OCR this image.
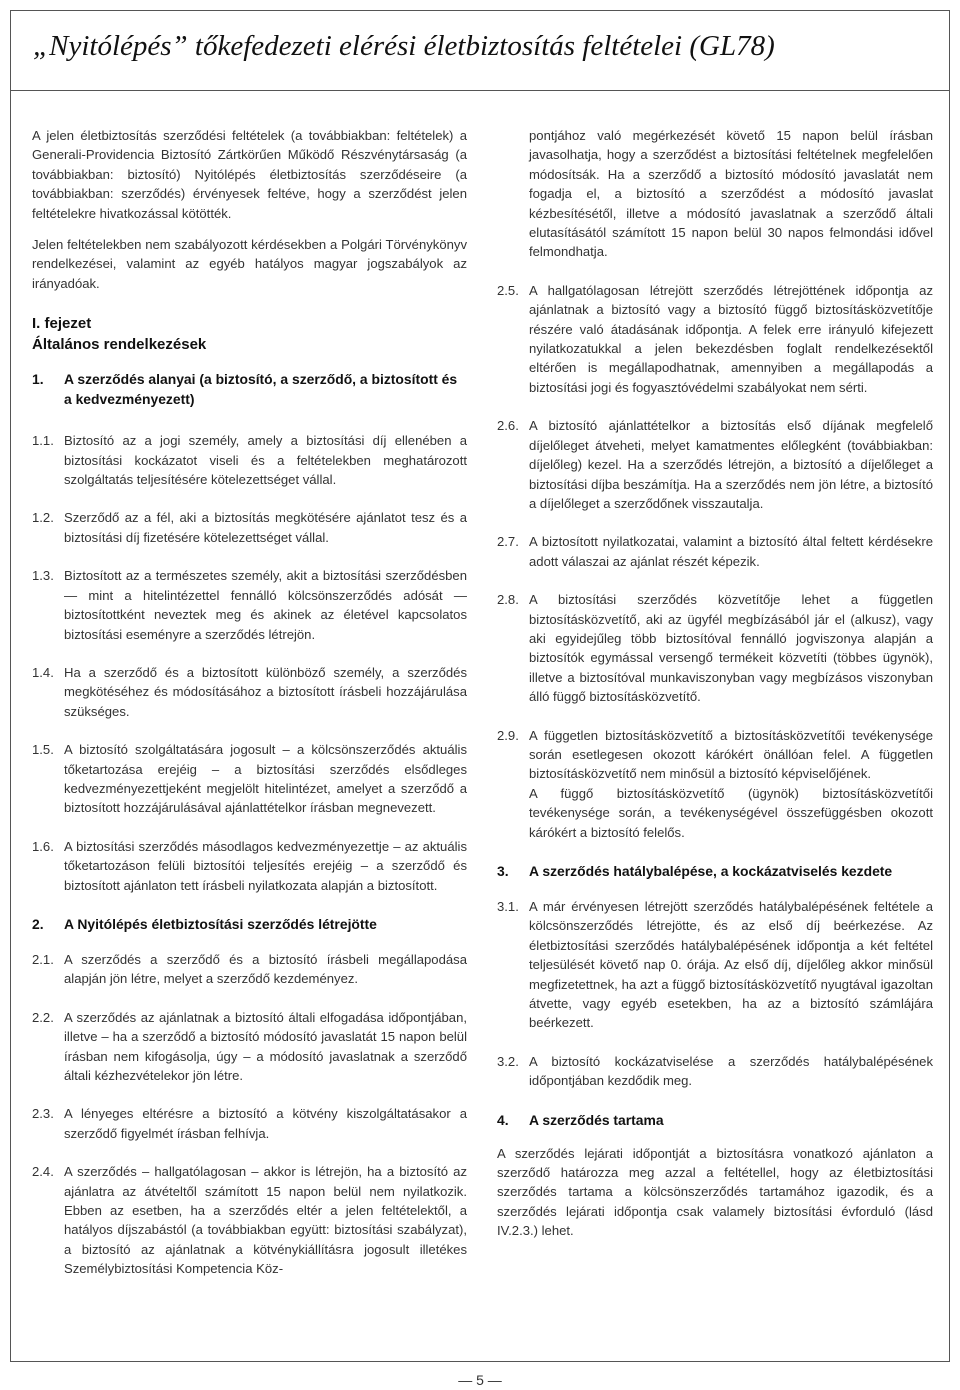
„Nyitólépés” tőkefedezeti elérési életbiztosítás feltételei (GL78)

A jelen életbiztosítás szerződési feltételek (a továbbiakban: feltételek) a Generali-Providencia Biztosító Zártkörűen Működő Részvénytársaság (a továbbiakban: biztosító) Nyitólépés életbiztosítás szerződéseire (a továbbiakban: szerződés) érvényesek feltéve, hogy a szerződést jelen feltételekre hivatkozással kötötték.

Jelen feltételekben nem szabályozott kérdésekben a Polgári Törvénykönyv rendelkezései, valamint az egyéb hatályos magyar jogszabályok az irányadóak.

I. fejezet
Általános rendelkezések
1.	A szerződés alanyai (a biztosító, a szerződő, a biztosított és a kedvezményezett)
1.1. Biztosító az a jogi személy, amely a biztosítási díj ellenében a biztosítási kockázatot viseli és a feltételekben meghatározott szolgáltatás teljesítésére kötelezettséget vállal.
1.2. Szerződő az a fél, aki a biztosítás megkötésére ajánlatot tesz és a biztosítási díj fizetésére kötelezettséget vállal.
1.3. Biztosított az a természetes személy, akit a biztosítási szerződésben — mint a hitelintézettel fennálló kölcsönszerződés adósát — biztosítottként neveztek meg és akinek az életével kapcsolatos biztosítási eseményre a szerződés létrejön.
1.4. Ha a szerződő és a biztosított különböző személy, a szerződés megkötéséhez és módosításához a biztosított írásbeli hozzájárulása szükséges.
1.5. A biztosító szolgáltatására jogosult – a kölcsönszerződés aktuális tőketartozása erejéig – a biztosítási szerződés elsődleges kedvezményezettjeként megjelölt hitelintézet, amelyet a szerződő a biztosított hozzájárulásával ajánlattételkor írásban megnevezett.
1.6. A biztosítási szerződés másodlagos kedvezményezettje – az aktuális tőketartozáson felüli biztosítói teljesítés erejéig – a szerződő és biztosított ajánlaton tett írásbeli nyilatkozata alapján a biztosított.
2.	A Nyitólépés életbiztosítási szerződés létrejötte
2.1. A szerződés a szerződő és a biztosító írásbeli megállapodása alapján jön létre, melyet a szerződő kezdeményez.
2.2. A szerződés az ajánlatnak a biztosító általi elfogadása időpontjában, illetve – ha a szerződő a biztosító módosító javaslatát 15 napon belül írásban nem kifogásolja, úgy – a módosító javaslatnak a szerződő általi kézhezvételekor jön létre.
2.3. A lényeges eltérésre a biztosító a kötvény kiszolgáltatásakor a szerződő figyelmét írásban felhívja.
2.4. A szerződés – hallgatólagosan – akkor is létrejön, ha a biztosító az ajánlatra az átvételtől számított 15 napon belül nem nyilatkozik. Ebben az esetben, ha a szerződés eltér a jelen feltételektől, a hatályos díjszabástól (a továbbiakban együtt: biztosítási szabályzat), a biztosító az ajánlatnak a kötvénykiállításra jogosult illetékes Személybiztosítási Kompetencia Köz-
pontjához való megérkezését követő 15 napon belül írásban javasolhatja, hogy a szerződést a biztosítási feltételnek megfelelően módosítsák. Ha a szerződő a biztosító módosító javaslatát nem fogadja el, a biztosító a szerződést a módosító javaslat kézbesítésétől, illetve a módosító javaslatnak a szerződő általi elutasításától számított 15 napon belül 30 napos felmondási idővel felmondhatja.
2.5. A hallgatólagosan létrejött szerződés létrejöttének időpontja az ajánlatnak a biztosító vagy a biztosító függő biztosításközvetítője részére való átadásának időpontja. A felek erre irányuló kifejezett nyilatkozatukkal a jelen bekezdésben foglalt rendelkezésektől eltérően is megállapodhatnak, amennyiben a megállapodás a biztosítási jogi és fogyasztóvédelmi szabályokat nem sérti.
2.6. A biztosító ajánlattételkor a biztosítás első díjának megfelelő díjelőleget átveheti, melyet kamatmentes előlegként (továbbiakban: díjelőleg) kezel. Ha a szerződés létrejön, a biztosító a díjelőleget a biztosítási díjba beszámítja. Ha a szerződés nem jön létre, a biztosító a díjelőleget a szerződőnek visszautalja.
2.7. A biztosított nyilatkozatai, valamint a biztosító által feltett kérdésekre adott válaszai az ajánlat részét képezik.
2.8. A biztosítási szerződés közvetítője lehet a független biztosításközvetítő, aki az ügyfél megbízásából jár el (alkusz), vagy aki egyidejűleg több biztosítóval fennálló jogviszonya alapján a biztosítók egymással versengő termékeit közvetíti (többes ügynök), illetve a biztosítóval munkaviszonyban vagy megbízásos viszonyban álló függő biztosításközvetítő.
2.9. A független biztosításközvetítő a biztosításközvetítői tevékenysége során esetlegesen okozott kárókért önállóan felel. A független biztosításközvetítő nem minősül a biztosító képviselőjének.
A függő biztosításközvetítő (ügynök) biztosításközvetítői tevékenysége során, a tevékenységével összefüggésben okozott kárókért a biztosító felelős.
3.	A szerződés hatálybalépése, a kockázatviselés kezdete
3.1. A már érvényesen létrejött szerződés hatálybalépésének feltétele a kölcsönszerződés létrejötte, és az első díj beérkezése. Az életbiztosítási szerződés hatálybalépésének időpontja a két feltétel teljesülését követő nap 0. órája. Az első díj, díjelőleg akkor minősül megfizetettnek, ha azt a függő biztosításközvetítő nyugtával igazoltan átvette, vagy egyéb esetekben, ha az a biztosító számlájára beérkezett.
3.2. A biztosító kockázatviselése a szerződés hatálybalépésének időpontjában kezdődik meg.
4.	A szerződés tartama

A szerződés lejárati időpontját a biztosításra vonatkozó ajánlaton a szerződő határozza meg azzal a feltétellel, hogy az életbiztosítási szerződés tartama a kölcsönszerződés tartamához igazodik, és a szerződés lejárati időpontja csak valamely biztosítási évforduló (lásd IV.2.3.) lehet.

— 5 —
